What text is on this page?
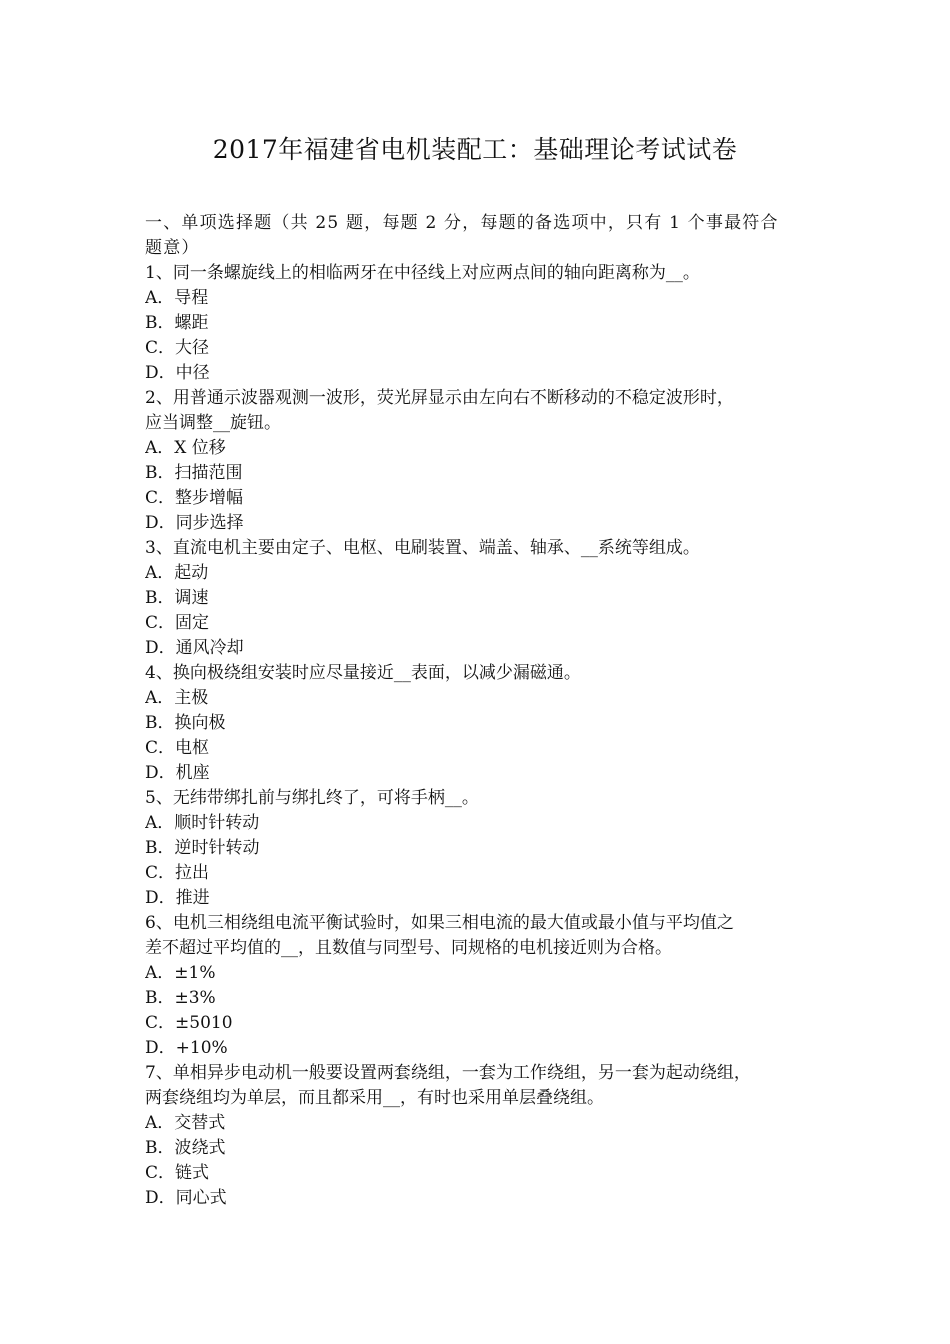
2017年福建省电机装配工：基础理论考试试卷
一、单项选择题（共 25 题，每题 2 分，每题的备选项中，只有 1 个事最符合
题意）
1、同一条螺旋线上的相临两牙在中径线上对应两点间的轴向距离称为__。
A．导程
B．螺距
C．大径
D．中径
2、用普通示波器观测一波形，荧光屏显示由左向右不断移动的不稳定波形时，
应当调整__旋钮。
A．X 位移
B．扫描范围
C．整步增幅
D．同步选择
3、直流电机主要由定子、电枢、电刷装置、端盖、轴承、__系统等组成。
A．起动
B．调速
C．固定
D．通风冷却
4、换向极绕组安装时应尽量接近__表面，以减少漏磁通。
A．主极
B．换向极
C．电枢
D．机座
5、无纬带绑扎前与绑扎终了，可将手柄__。
A．顺时针转动
B．逆时针转动
C．拉出
D．推进
6、电机三相绕组电流平衡试验时，如果三相电流的最大值或最小值与平均值之
差不超过平均值的__，且数值与同型号、同规格的电机接近则为合格。
A．±1%
B．±3%
C．±5010
D．+10%
7、单相异步电动机一般要设置两套绕组，一套为工作绕组，另一套为起动绕组，
两套绕组均为单层，而且都采用__，有时也采用单层叠绕组。
A．交替式
B．波绕式
C．链式
D．同心式
